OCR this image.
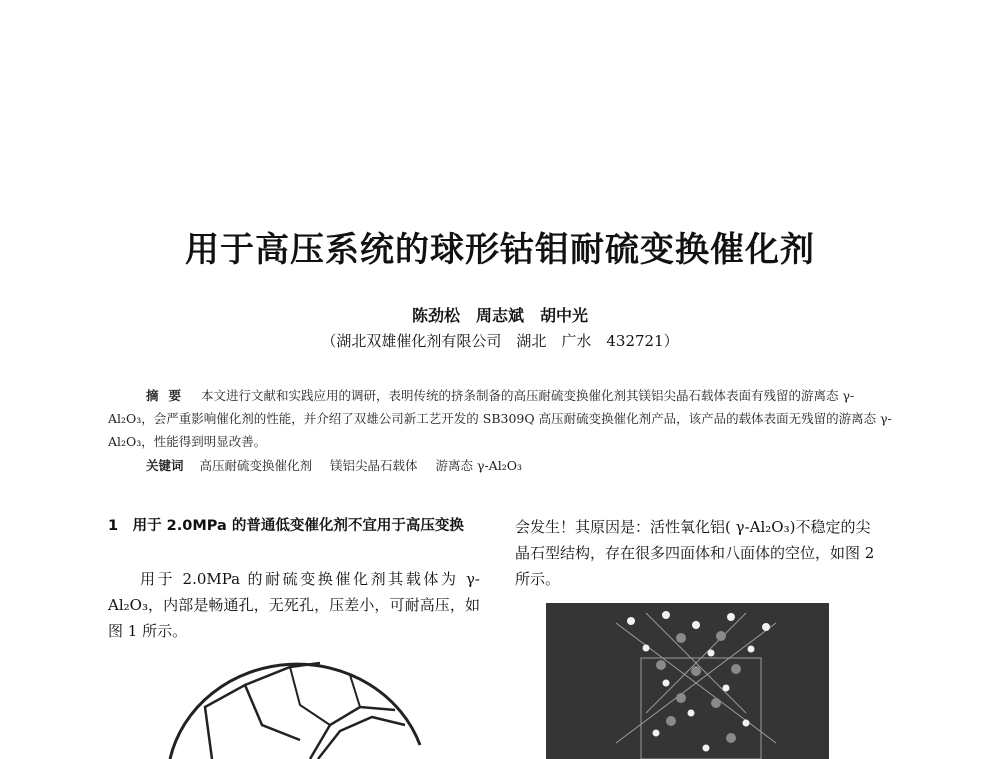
用于高压系统的球形钴钼耐硫变换催化剂
陈劲松　周志斌　胡中光
（湖北双雄催化剂有限公司　湖北　广水　432721）
摘要 本文进行文献和实践应用的调研，表明传统的挤条制备的高压耐硫变换催化剂其镁铝尖晶石载体表面有残留的游离态 γ-Al₂O₃，会严重影响催化剂的性能，并介绍了双雄公司新工艺开发的 SB309Q 高压耐硫变换催化剂产品，该产品的载体表面无残留的游离态 γ-Al₂O₃，性能得到明显改善。
关键词 高压耐硫变换催化剂 镁铝尖晶石载体 游离态 γ-Al₂O₃
1　用于 2.0MPa 的普通低变催化剂不宜用于高压变换
用于 2.0MPa 的耐硫变换催化剂其载体为 γ-Al₂O₃，内部是畅通孔，无死孔，压差小，可耐高压，如图 1 所示。
会发生！其原因是：活性氧化铝( γ-Al₂O₃)不稳定的尖晶石型结构，存在很多四面体和八面体的空位，如图 2 所示。
